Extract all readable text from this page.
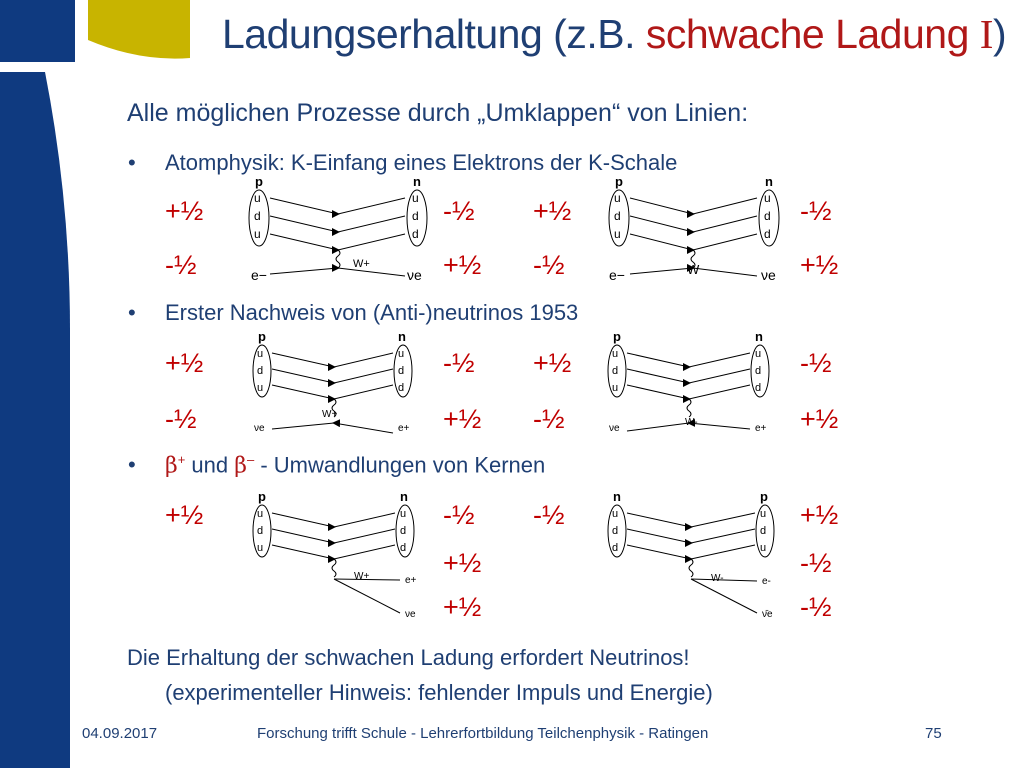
Ladungserhaltung (z.B. schwache Ladung I)
Alle möglichen Prozesse durch „Umklappen“ von Linien:
• Atomphysik: K-Einfang eines Elektrons der K-Schale
+½	-½ +½	-½
-½	+½ -½	+½
p	n
u
d
u
u
d
d
W+
e−	νe
p	n
u
d
u
u
d
d
W
e−	νe
• Erster Nachweis von (Anti-)neutrinos 1953
+½	-½ +½	-½
-½	+½ -½	+½
p	n
u
d
u
u
d
d
W+
νe	e+
p	n
u
d
u
u
d
d
W-
νe	e+
• β+ und β– - Umwandlungen von Kernen
+½	-½ -½	+½
+½	-½
+½	-½
p	n
u
d
u
u
d
d
W+	e+
νe
n	p
u
d
d
u
d
u
W-	e-
ν̄e
Die Erhaltung der schwachen Ladung erfordert Neutrinos!
(experimenteller Hinweis: fehlender Impuls und Energie)
04.09.2017	Forschung trifft Schule - Lehrerfortbildung Teilchenphysik - Ratingen	75
